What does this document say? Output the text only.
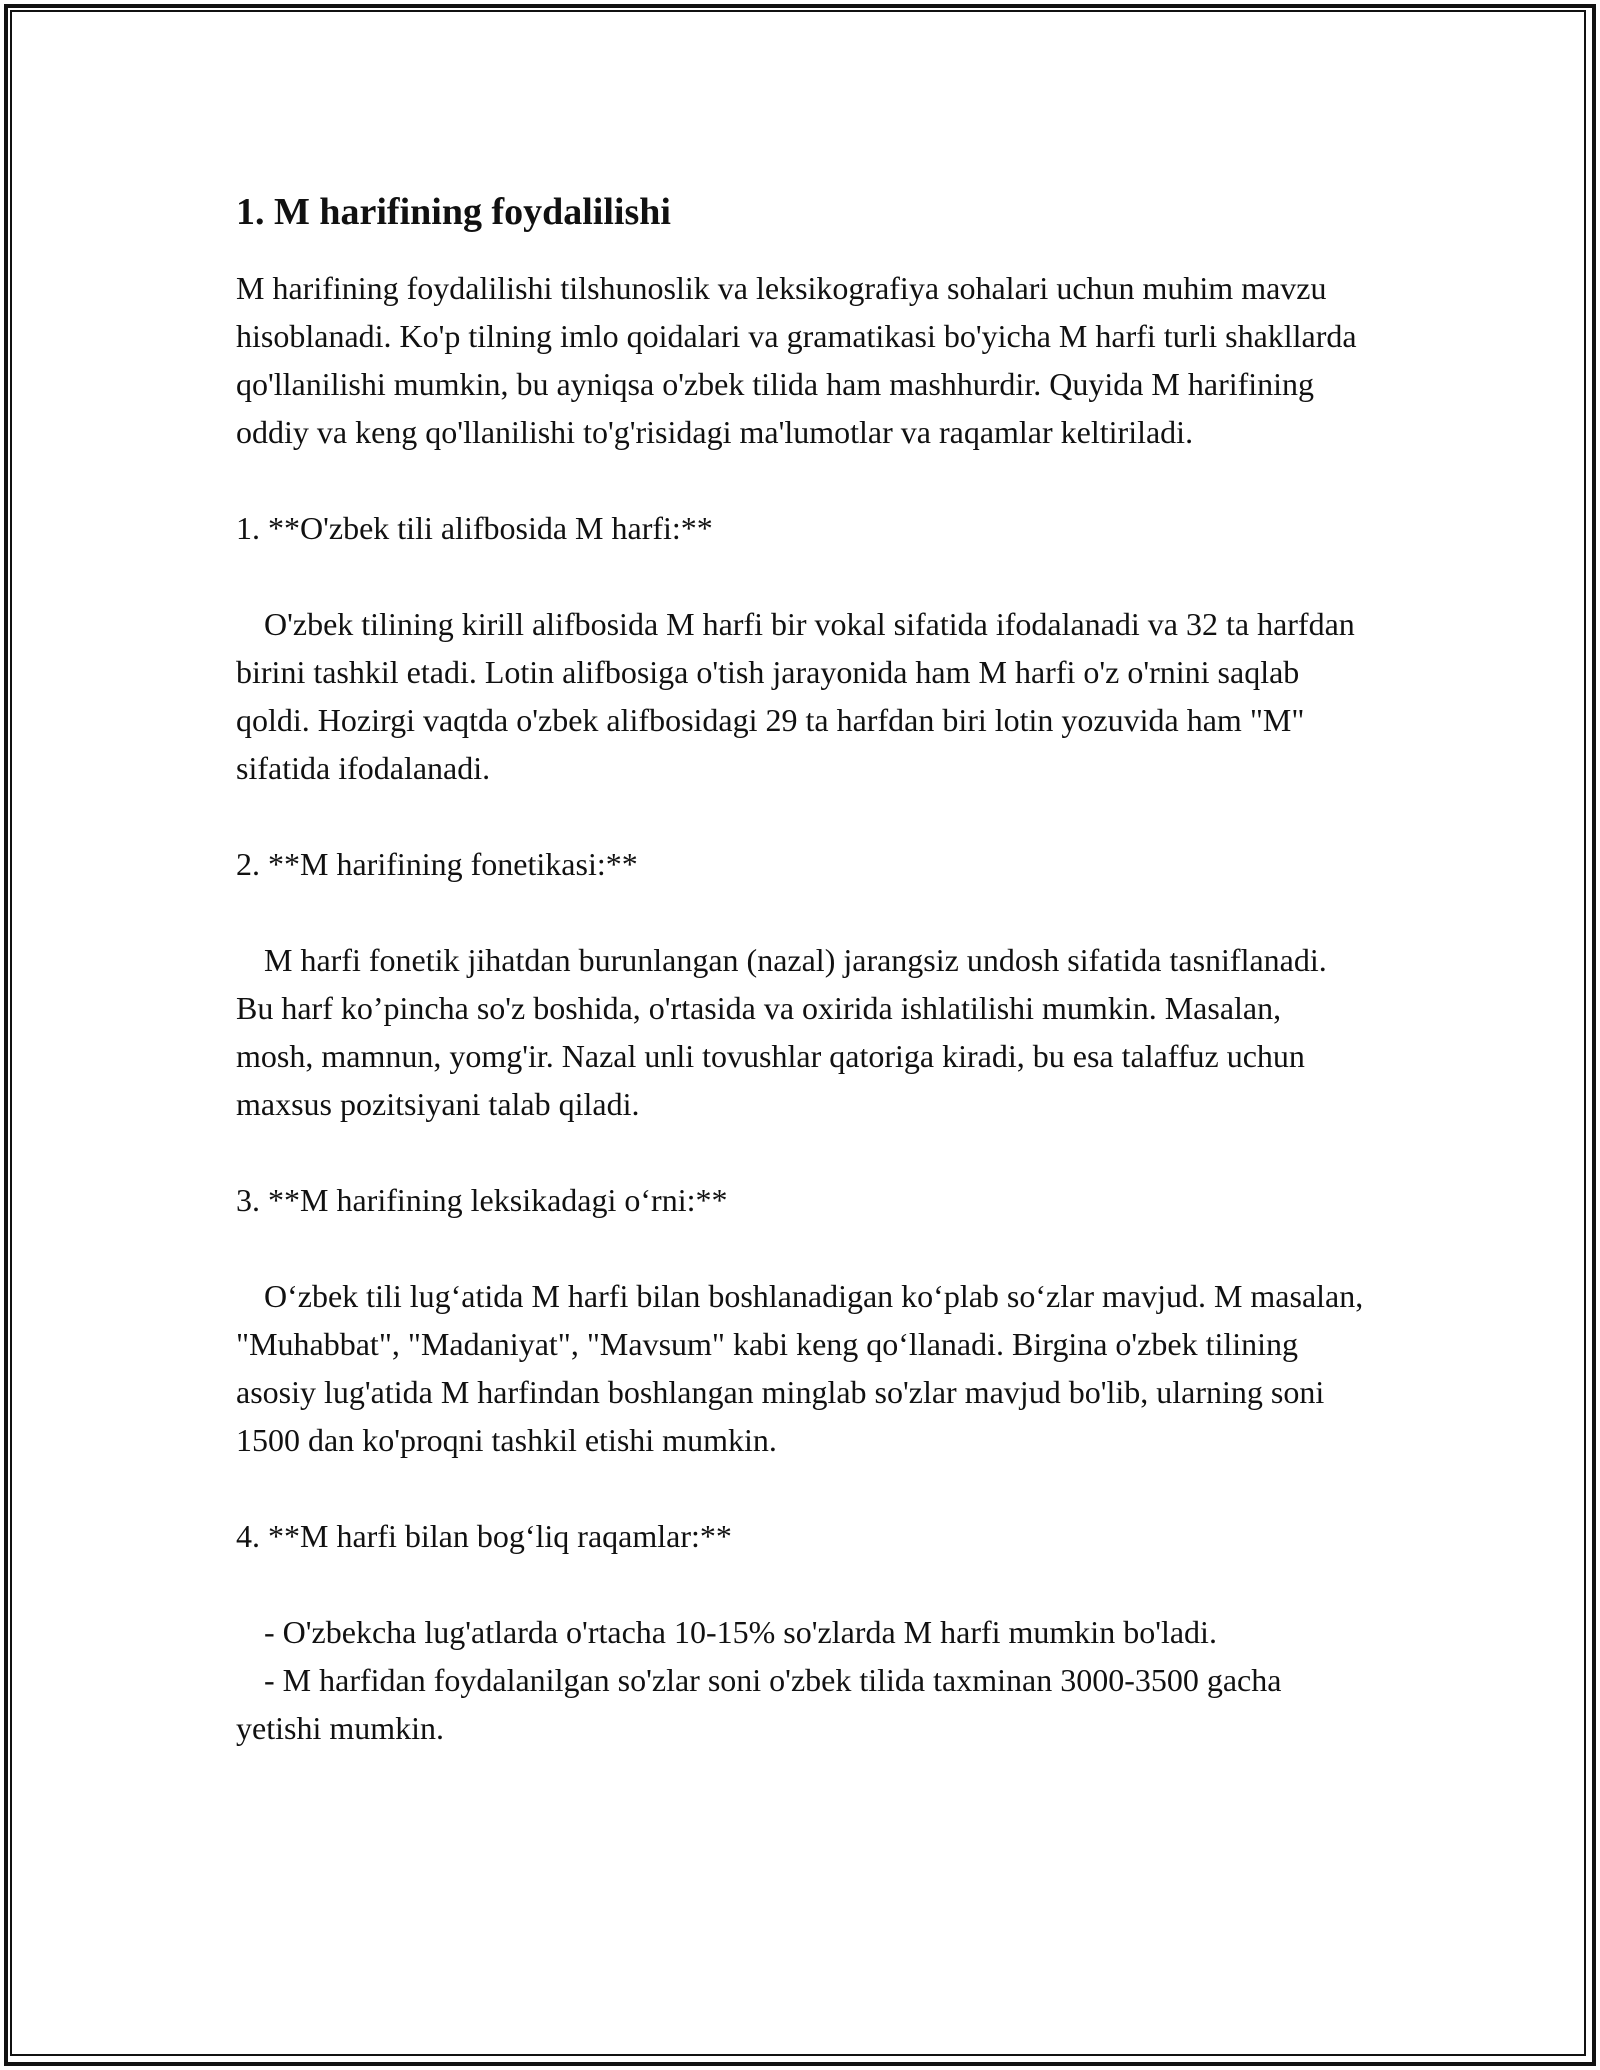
1. M harifining foydalilishi

M harifining foydalilishi tilshunoslik va leksikografiya sohalari uchun muhim mavzu hisoblanadi. Ko'p tilning imlo qoidalari va gramatikasi bo'yicha M harfi turli shakllarda qo'llanilishi mumkin, bu ayniqsa o'zbek tilida ham mashhurdir. Quyida M harifining oddiy va keng qo'llanilishi to'g'risidagi ma'lumotlar va raqamlar keltiriladi.

1. **O'zbek tili alifbosida M harfi:**

O'zbek tilining kirill alifbosida M harfi bir vokal sifatida ifodalanadi va 32 ta harfdan birini tashkil etadi. Lotin alifbosiga o'tish jarayonida ham M harfi o'z o'rnini saqlab qoldi. Hozirgi vaqtda o'zbek alifbosidagi 29 ta harfdan biri lotin yozuvida ham "M" sifatida ifodalanadi.

2. **M harifining fonetikasi:**

M harfi fonetik jihatdan burunlangan (nazal) jarangsiz undosh sifatida tasniflanadi. Bu harf ko’pincha so'z boshida, o'rtasida va oxirida ishlatilishi mumkin. Masalan, mosh, mamnun, yomg'ir. Nazal unli tovushlar qatoriga kiradi, bu esa talaffuz uchun maxsus pozitsiyani talab qiladi.

3. **M harifining leksikadagi o‘rni:**

O‘zbek tili lug‘atida M harfi bilan boshlanadigan ko‘plab so‘zlar mavjud. M masalan, "Muhabbat", "Madaniyat", "Mavsum" kabi keng qo‘llanadi. Birgina o'zbek tilining asosiy lug'atida M harfindan boshlangan minglab so'zlar mavjud bo'lib, ularning soni 1500 dan ko'proqni tashkil etishi mumkin.

4. **M harfi bilan bog‘liq raqamlar:**

- O'zbekcha lug'atlarda o'rtacha 10-15% so'zlarda M harfi mumkin bo'ladi.

- M harfidan foydalanilgan so'zlar soni o'zbek tilida taxminan 3000-3500 gacha yetishi mumkin.
